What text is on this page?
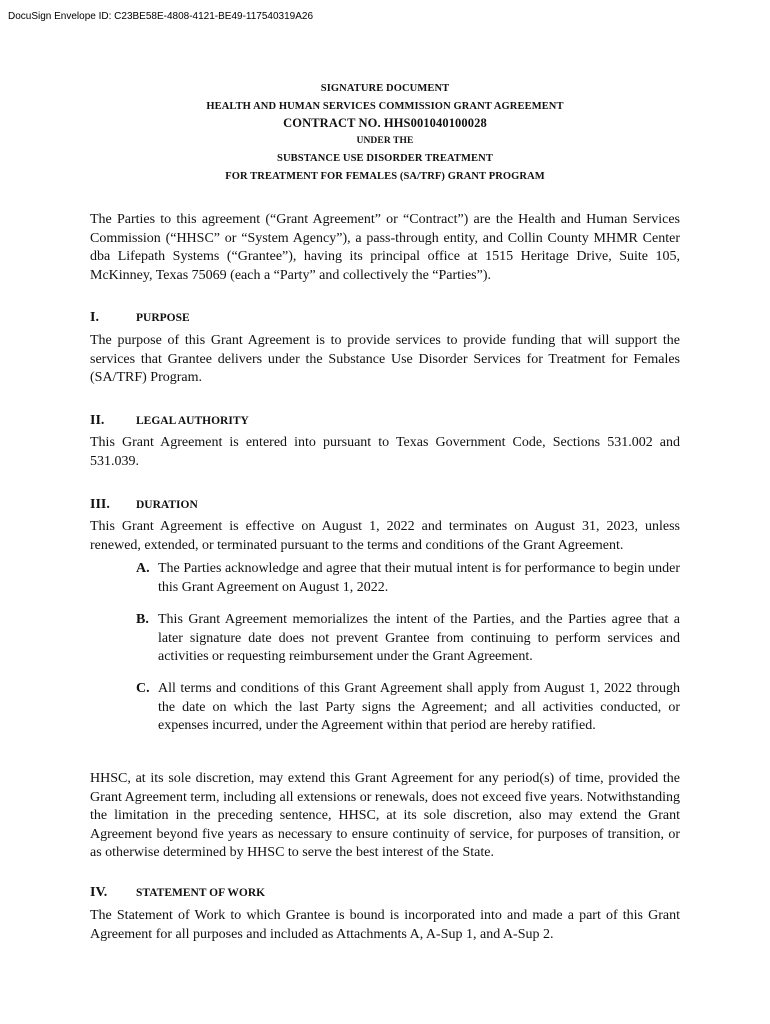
DocuSign Envelope ID: C23BE58E-4808-4121-BE49-117540319A26
SIGNATURE DOCUMENT
HEALTH AND HUMAN SERVICES COMMISSION GRANT AGREEMENT
CONTRACT NO. HHS001040100028
UNDER THE
SUBSTANCE USE DISORDER TREATMENT
FOR TREATMENT FOR FEMALES (SA/TRF) GRANT PROGRAM
The Parties to this agreement (“Grant Agreement” or “Contract”) are the Health and Human Services Commission (“HHSC” or “System Agency”), a pass-through entity, and Collin County MHMR Center dba Lifepath Systems (“Grantee”), having its principal office at 1515 Heritage Drive, Suite 105, McKinney, Texas 75069 (each a “Party” and collectively the “Parties”).
I.	PURPOSE
The purpose of this Grant Agreement is to provide services to provide funding that will support the services that Grantee delivers under the Substance Use Disorder Services for Treatment for Females (SA/TRF) Program.
II.	LEGAL AUTHORITY
This Grant Agreement is entered into pursuant to Texas Government Code, Sections 531.002 and 531.039.
III. DURATION
This Grant Agreement is effective on August 1, 2022 and terminates on August 31, 2023, unless renewed, extended, or terminated pursuant to the terms and conditions of the Grant Agreement.
A. The Parties acknowledge and agree that their mutual intent is for performance to begin under this Grant Agreement on August 1, 2022.
B. This Grant Agreement memorializes the intent of the Parties, and the Parties agree that a later signature date does not prevent Grantee from continuing to perform services and activities or requesting reimbursement under the Grant Agreement.
C. All terms and conditions of this Grant Agreement shall apply from August 1, 2022 through the date on which the last Party signs the Agreement; and all activities conducted, or expenses incurred, under the Agreement within that period are hereby ratified.
HHSC, at its sole discretion, may extend this Grant Agreement for any period(s) of time, provided the Grant Agreement term, including all extensions or renewals, does not exceed five years. Notwithstanding the limitation in the preceding sentence, HHSC, at its sole discretion, also may extend the Grant Agreement beyond five years as necessary to ensure continuity of service, for purposes of transition, or as otherwise determined by HHSC to serve the best interest of the State.
IV. STATEMENT OF WORK
The Statement of Work to which Grantee is bound is incorporated into and made a part of this Grant Agreement for all purposes and included as Attachments A, A-Sup 1, and A-Sup 2.
